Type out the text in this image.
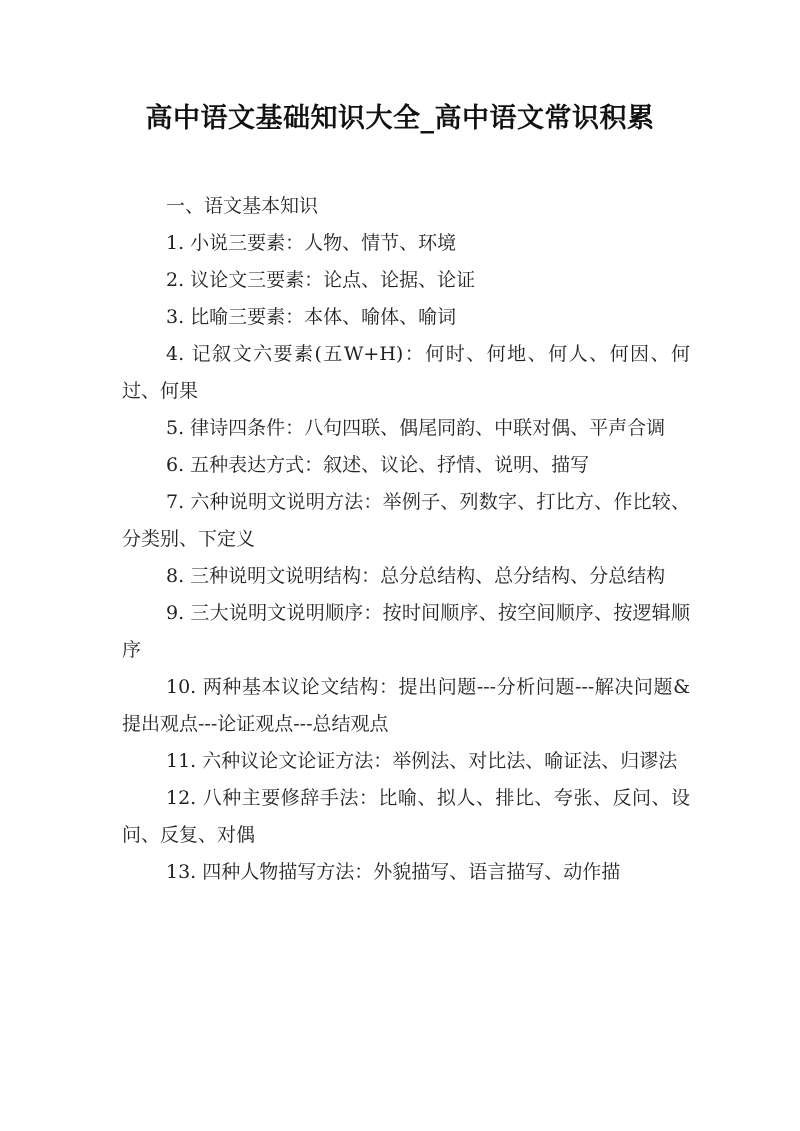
高中语文基础知识大全_高中语文常识积累

一、语文基本知识

1. 小说三要素：人物、情节、环境

2. 议论文三要素：论点、论据、论证

3. 比喻三要素：本体、喻体、喻词

4. 记叙文六要素(五W+H)：何时、何地、何人、何因、何过、何果

5. 律诗四条件：八句四联、偶尾同韵、中联对偶、平声合调

6. 五种表达方式：叙述、议论、抒情、说明、描写

7. 六种说明文说明方法：举例子、列数字、打比方、作比较、分类别、下定义

8. 三种说明文说明结构：总分总结构、总分结构、分总结构

9. 三大说明文说明顺序：按时间顺序、按空间顺序、按逻辑顺序

10. 两种基本议论文结构：提出问题---分析问题---解决问题&提出观点---论证观点---总结观点

11. 六种议论文论证方法：举例法、对比法、喻证法、归谬法

12. 八种主要修辞手法：比喻、拟人、排比、夸张、反问、设问、反复、对偶

13. 四种人物描写方法：外貌描写、语言描写、动作描
